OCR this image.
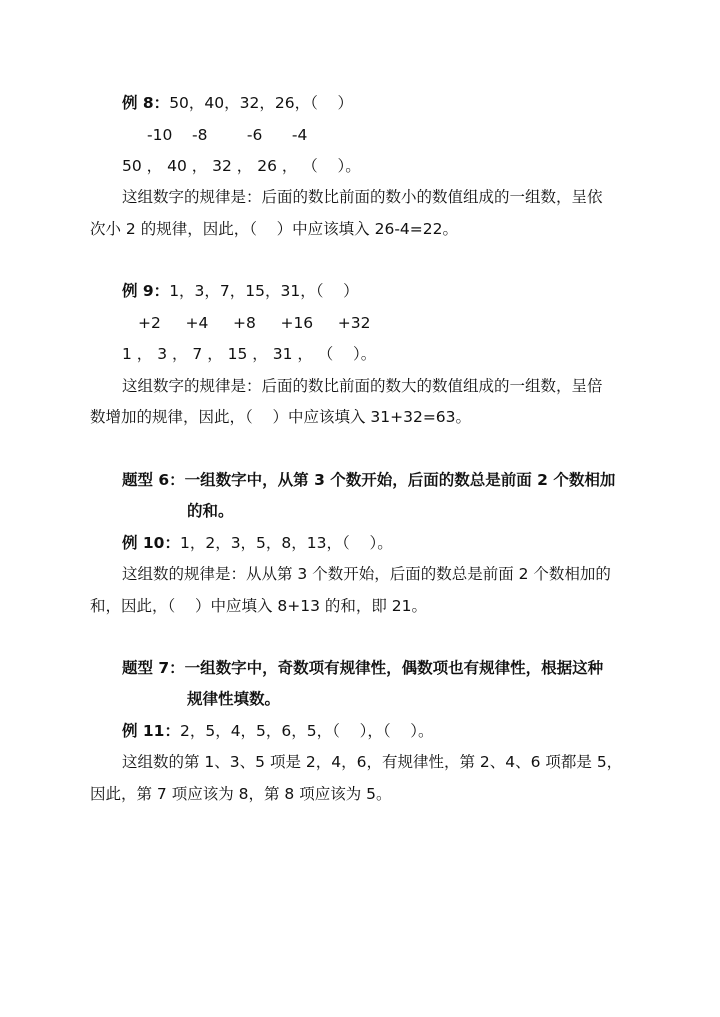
例 8：50，40，32，26，（    ）

-10    -8        -6      -4

50 ， 40 ， 32 ， 26 ， （    ）。

这组数字的规律是：后面的数比前面的数小的数值组成的一组数，呈依

次小 2 的规律，因此，（    ）中应该填入 26-4=22。

例 9：1，3，7，15，31，（    ）

+2     +4     +8     +16     +32

1 ， 3 ， 7 ， 15 ， 31 ， （    ）。

这组数字的规律是：后面的数比前面的数大的数值组成的一组数，呈倍

数增加的规律，因此，（    ）中应该填入 31+32=63。

题型 6：一组数字中，从第 3 个数开始，后面的数总是前面 2 个数相加

的和。

例 10：1，2，3，5，8，13，（    ）。

这组数的规律是：从从第 3 个数开始，后面的数总是前面 2 个数相加的

和，因此，（    ）中应填入 8+13 的和，即 21。

题型 7：一组数字中，奇数项有规律性，偶数项也有规律性，根据这种

规律性填数。

例 11：2，5，4，5，6，5，（    ），（    ）。

这组数的第 1、3、5 项是 2，4，6，有规律性，第 2、4、6 项都是 5，

因此，第 7 项应该为 8，第 8 项应该为 5。
